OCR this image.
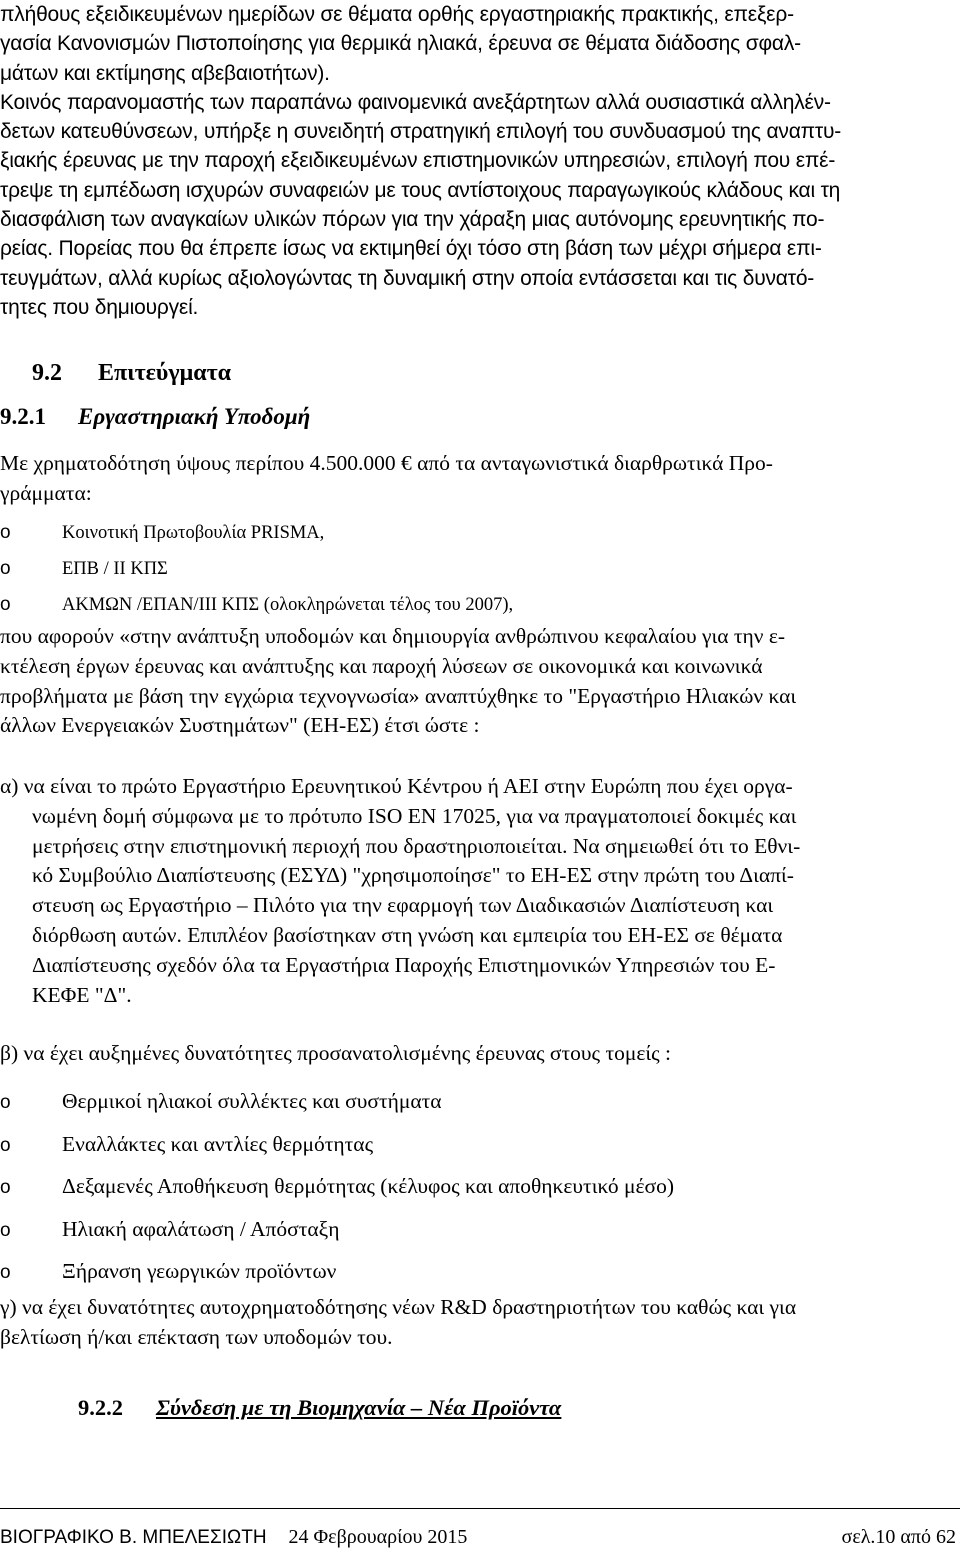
πλήθους εξειδικευμένων ημερίδων σε θέματα ορθής εργαστηριακής πρακτικής, επεξερ-
γασία Κανονισμών Πιστοποίησης για θερμικά ηλιακά, έρευνα σε θέματα διάδοσης σφαλ-
μάτων και εκτίμησης αβεβαιοτήτων).
Κοινός παρανομαστής των παραπάνω φαινομενικά ανεξάρτητων αλλά ουσιαστικά αλληλέν-
δετων κατευθύνσεων, υπήρξε η συνειδητή στρατηγική επιλογή του συνδυασμού της αναπτυ-
ξιακής έρευνας με την παροχή εξειδικευμένων επιστημονικών υπηρεσιών, επιλογή που επέ-
τρεψε τη εμπέδωση ισχυρών συναφειών με τους αντίστοιχους παραγωγικούς κλάδους και τη
διασφάλιση των αναγκαίων υλικών πόρων για την χάραξη μιας αυτόνομης ερευνητικής πο-
ρείας. Πορείας που θα έπρεπε ίσως να εκτιμηθεί όχι τόσο στη βάση των μέχρι σήμερα επι-
τευγμάτων, αλλά κυρίως αξιολογώντας τη δυναμική στην οποία εντάσσεται και τις δυνατό-
τητες που δημιουργεί.
9.2 Επιτεύγματα
9.2.1 Εργαστηριακή Υποδομή
Με χρηματοδότηση ύψους περίπου 4.500.000 € από τα ανταγωνιστικά διαρθρωτικά Προ-
γράμματα:
o	Κοινοτική Πρωτοβουλία PRISMA,
o	ΕΠΒ / ΙΙ ΚΠΣ
o	ΑΚΜΩΝ /ΕΠΑΝ/ΙΙΙ ΚΠΣ (ολοκληρώνεται τέλος του 2007),
που αφορούν «στην ανάπτυξη υποδομών και δημιουργία ανθρώπινου κεφαλαίου για την ε-
κτέλεση έργων έρευνας και ανάπτυξης και παροχή λύσεων σε οικονομικά και κοινωνικά
προβλήματα με βάση την εγχώρια τεχνογνωσία» αναπτύχθηκε το "Εργαστήριο Ηλιακών και
άλλων Ενεργειακών Συστημάτων" (ΕΗ-ΕΣ) έτσι ώστε :
α) να είναι το πρώτο Εργαστήριο Ερευνητικού Κέντρου ή ΑΕΙ στην Ευρώπη που έχει οργα-
νωμένη δομή σύμφωνα με το πρότυπο ISO EN 17025, για να πραγματοποιεί δοκιμές και
μετρήσεις στην επιστημονική περιοχή που δραστηριοποιείται. Να σημειωθεί ότι το Εθνι-
κό Συμβούλιο Διαπίστευσης (ΕΣΥΔ) "χρησιμοποίησε" το ΕΗ-ΕΣ στην πρώτη του Διαπί-
στευση ως Εργαστήριο – Πιλότο για την εφαρμογή των Διαδικασιών Διαπίστευση και
διόρθωση αυτών. Επιπλέον βασίστηκαν στη γνώση και εμπειρία του ΕΗ-ΕΣ σε θέματα
Διαπίστευσης σχεδόν όλα τα Εργαστήρια Παροχής Επιστημονικών Υπηρεσιών του Ε-
ΚΕΦΕ "Δ".
β) να έχει αυξημένες δυνατότητες προσανατολισμένης έρευνας στους τομείς :
o Θερμικοί ηλιακοί συλλέκτες και συστήματα
o Εναλλάκτες και αντλίες θερμότητας
o Δεξαμενές Αποθήκευση θερμότητας (κέλυφος και αποθηκευτικό μέσο)
o Ηλιακή αφαλάτωση / Απόσταξη
o Ξήρανση γεωργικών προϊόντων
γ) να έχει δυνατότητες αυτοχρηματοδότησης νέων R&D δραστηριοτήτων του καθώς και για
βελτίωση ή/και επέκταση των υποδομών του.
9.2.2 Σύνδεση με τη Βιομηχανία – Νέα Προϊόντα
ΒΙΟΓΡΑΦΙΚΟ Β. ΜΠΕΛΕΣΙΩΤΗ 24 Φεβρουαρίου 2015	σελ.10 από 62
